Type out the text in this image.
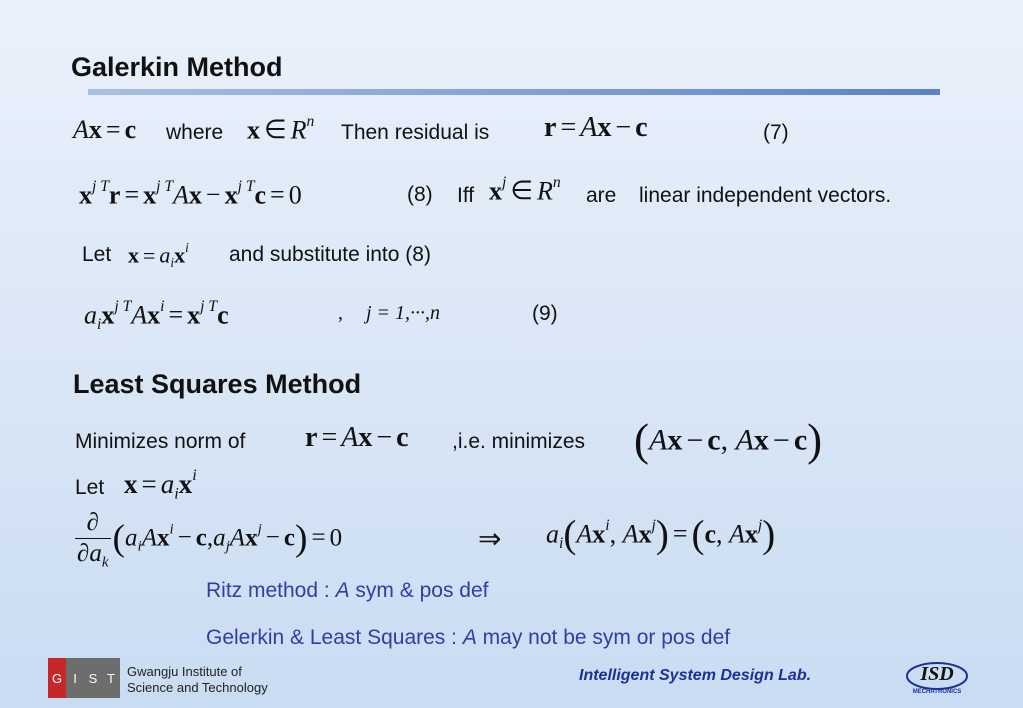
Galerkin Method
Ax = c where x ∈ $R^n$ Then residual is r = Ax − c	(7)
$x^{j T}r = x^{j T}Ax - x^{j T}c = 0$	(8) Iff $x^j$ ∈ $R^n$
are linear independent vectors.
Let $x = a_ix^i$ and substitute into (8)
$a_ix^{j T}Ax^i = x^{j T}c$	, j = 1,···,n	(9)
Least Squares Method
Minimizes norm of r = Ax − c ,i.e. minimizes (Ax − c, Ax − c)
Let $x = a_ix^i$
$\frac{\partial}{\partial a_k} (a_iAx^i - c,a_jAx^j - c) = 0$	⇒ $a_i(Ax^i$, $Ax^j) = (c$, Ax$^j$)
Ritz method : A sym & pos def
Gelerkin & Least Squares : A may not be sym or pos def
G I S T Gwangju Institute of
Science and Technology
Intelligent System Design Lab.	ISD
MECHATRONICS
